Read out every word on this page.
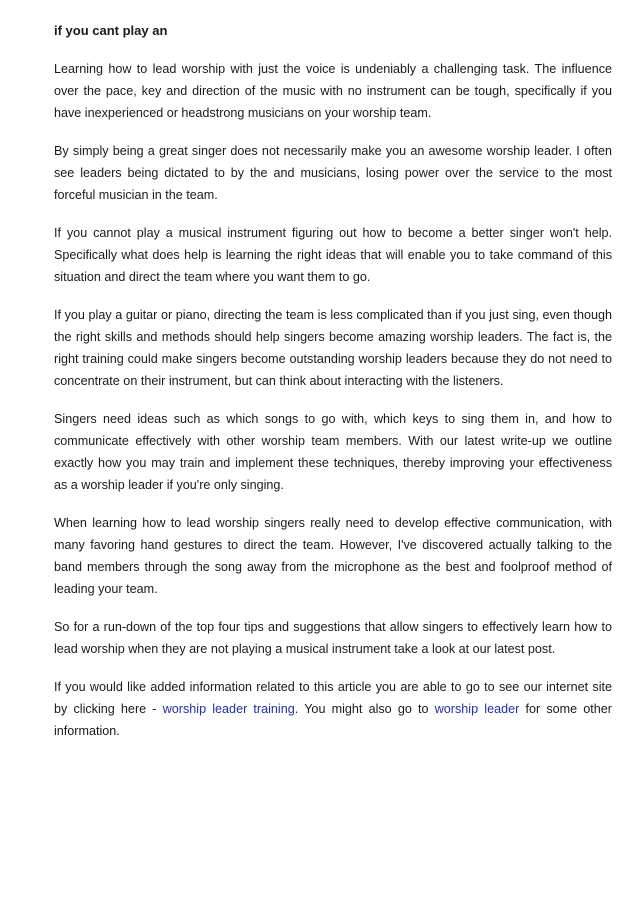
if you cant play an

Learning how to lead worship with just the voice is undeniably a challenging task. The influence over the pace, key and direction of the music with no instrument can be tough, specifically if you have inexperienced or headstrong musicians on your worship team.

By simply being a great singer does not necessarily make you an awesome worship leader. I often see leaders being dictated to by the and musicians, losing power over the service to the most forceful musician in the team.

If you cannot play a musical instrument figuring out how to become a better singer won't help. Specifically what does help is learning the right ideas that will enable you to take command of this situation and direct the team where you want them to go.

If you play a guitar or piano, directing the team is less complicated than if you just sing, even though the right skills and methods should help singers become amazing worship leaders. The fact is, the right training could make singers become outstanding worship leaders because they do not need to concentrate on their instrument, but can think about interacting with the listeners.

Singers need ideas such as which songs to go with, which keys to sing them in, and how to communicate effectively with other worship team members. With our latest write-up we outline exactly how you may train and implement these techniques, thereby improving your effectiveness as a worship leader if you're only singing.

When learning how to lead worship singers really need to develop effective communication, with many favoring hand gestures to direct the team. However, I've discovered actually talking to the band members through the song away from the microphone as the best and foolproof method of leading your team.

So for a run-down of the top four tips and suggestions that allow singers to effectively learn how to lead worship when they are not playing a musical instrument take a look at our latest post.

If you would like added information related to this article you are able to go to see our internet site by clicking here - worship leader training. You might also go to worship leader for some other information.
